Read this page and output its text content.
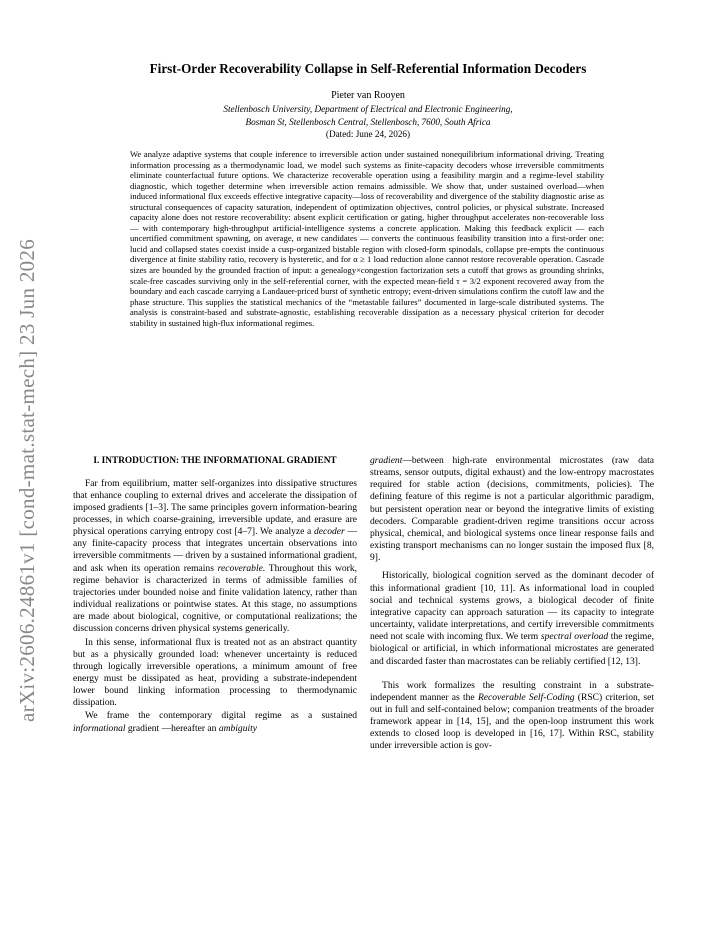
arXiv:2606.24861v1 [cond-mat.stat-mech] 23 Jun 2026
First-Order Recoverability Collapse in Self-Referential Information Decoders
Pieter van Rooyen
Stellenbosch University, Department of Electrical and Electronic Engineering,
Bosman St, Stellenbosch Central, Stellenbosch, 7600, South Africa
(Dated: June 24, 2026)
We analyze adaptive systems that couple inference to irreversible action under sustained nonequilibrium informational driving. Treating information processing as a thermodynamic load, we model such systems as finite-capacity decoders whose irreversible commitments eliminate counterfactual future options. We characterize recoverable operation using a feasibility margin and a regime-level stability diagnostic, which together determine when irreversible action remains admissible. We show that, under sustained overload—when induced informational flux exceeds effective integrative capacity—loss of recoverability and divergence of the stability diagnostic arise as structural consequences of capacity saturation, independent of optimization objectives, control policies, or physical substrate. Increased capacity alone does not restore recoverability: absent explicit certification or gating, higher throughput accelerates non-recoverable loss — with contemporary high-throughput artificial-intelligence systems a concrete application. Making this feedback explicit — each uncertified commitment spawning, on average, α new candidates — converts the continuous feasibility transition into a first-order one: lucid and collapsed states coexist inside a cusp-organized bistable region with closed-form spinodals, collapse pre-empts the continuous divergence at finite stability ratio, recovery is hysteretic, and for α ≥ 1 load reduction alone cannot restore recoverable operation. Cascade sizes are bounded by the grounded fraction of input: a genealogy×congestion factorization sets a cutoff that grows as grounding shrinks, scale-free cascades surviving only in the self-referential corner, with the expected mean-field τ = 3/2 exponent recovered away from the boundary and each cascade carrying a Landauer-priced burst of synthetic entropy; event-driven simulations confirm the cutoff law and the phase structure. This supplies the statistical mechanics of the “metastable failures” documented in large-scale distributed systems. The analysis is constraint-based and substrate-agnostic, establishing recoverable dissipation as a necessary physical criterion for decoder stability in sustained high-flux informational regimes.
I. INTRODUCTION: THE INFORMATIONAL GRADIENT

Far from equilibrium, matter self-organizes into dissipative structures that enhance coupling to external drives and accelerate the dissipation of imposed gradients [1–3]. The same principles govern information-bearing processes, in which coarse-graining, irreversible update, and erasure are physical operations carrying entropy cost [4–7]. We analyze a decoder — any finite-capacity process that integrates uncertain observations into irreversible commitments — driven by a sustained informational gradient, and ask when its operation remains recoverable. Throughout this work, regime behavior is characterized in terms of admissible families of trajectories under bounded noise and finite validation latency, rather than individual realizations or pointwise states. At this stage, no assumptions are made about biological, cognitive, or computational realizations; the discussion concerns driven physical systems generically.

In this sense, informational flux is treated not as an abstract quantity but as a physically grounded load: whenever uncertainty is reduced through logically irreversible operations, a minimum amount of free energy must be dissipated as heat, providing a substrate-independent lower bound linking information processing to thermodynamic dissipation.

We frame the contemporary digital regime as a sustained informational gradient —hereafter an ambiguity

gradient—between high-rate environmental microstates (raw data streams, sensor outputs, digital exhaust) and the low-entropy macrostates required for stable action (decisions, commitments, policies). The defining feature of this regime is not a particular algorithmic paradigm, but persistent operation near or beyond the integrative limits of existing decoders. Comparable gradient-driven regime transitions occur across physical, chemical, and biological systems once linear response fails and existing transport mechanisms can no longer sustain the imposed flux [8, 9].

Historically, biological cognition served as the dominant decoder of this informational gradient [10, 11]. As informational load in coupled social and technical systems grows, a biological decoder of finite integrative capacity can approach saturation — its capacity to integrate uncertainty, validate interpretations, and certify irreversible commitments need not scale with incoming flux. We term spectral overload the regime, biological or artificial, in which informational microstates are generated and discarded faster than macrostates can be reliably certified [12, 13].

This work formalizes the resulting constraint in a substrate-independent manner as the Recoverable Self-Coding (RSC) criterion, set out in full and self-contained below; companion treatments of the broader framework appear in [14, 15], and the open-loop instrument this work extends to closed loop is developed in [16, 17]. Within RSC, stability under irreversible action is gov-
